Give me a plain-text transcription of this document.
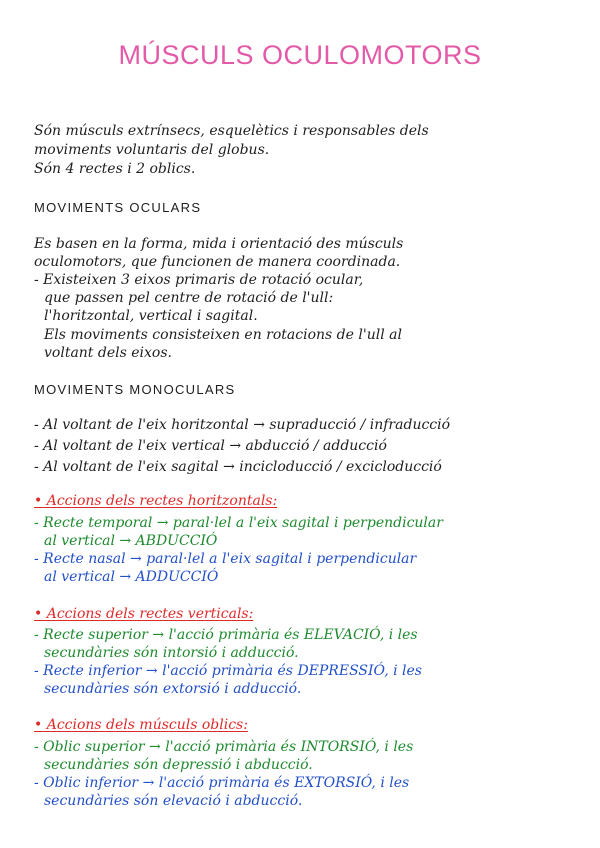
MÚSCULS OCULOMOTORS
Són músculs extrínsecs, esquelètics i responsables dels
moviments voluntaris del globus.
Són 4 rectes i 2 oblics.
MOVIMENTS OCULARS
Es basen en la forma, mida i orientació des músculs
oculomotors, que funcionen de manera coordinada.
- Existeixen 3 eixos primaris de rotació ocular,
que passen pel centre de rotació de l'ull:
l'horitzontal, vertical i sagital.
Els moviments consisteixen en rotacions de l'ull al
voltant dels eixos.
MOVIMENTS MONOCULARS
- Al voltant de l'eix horitzontal → supraducció / infraducció
- Al voltant de l'eix vertical → abducció / adducció
- Al voltant de l'eix sagital → incicloducció / excicloducció
• Accions dels rectes horitzontals:
- Recte temporal → paral·lel a l'eix sagital i perpendicular
al vertical → ABDUCCIÓ
- Recte nasal → paral·lel a l'eix sagital i perpendicular
al vertical → ADDUCCIÓ
• Accions dels rectes verticals:
- Recte superior → l'acció primària és ELEVACIÓ, i les
secundàries són intorsió i adducció.
- Recte inferior → l'acció primària és DEPRESSIÓ, i les
secundàries són extorsió i adducció.
• Accions dels músculs oblics:
- Oblic superior → l'acció primària és INTORSIÓ, i les
secundàries són depressió i abducció.
- Oblic inferior → l'acció primària és EXTORSIÓ, i les
secundàries són elevació i abducció.
